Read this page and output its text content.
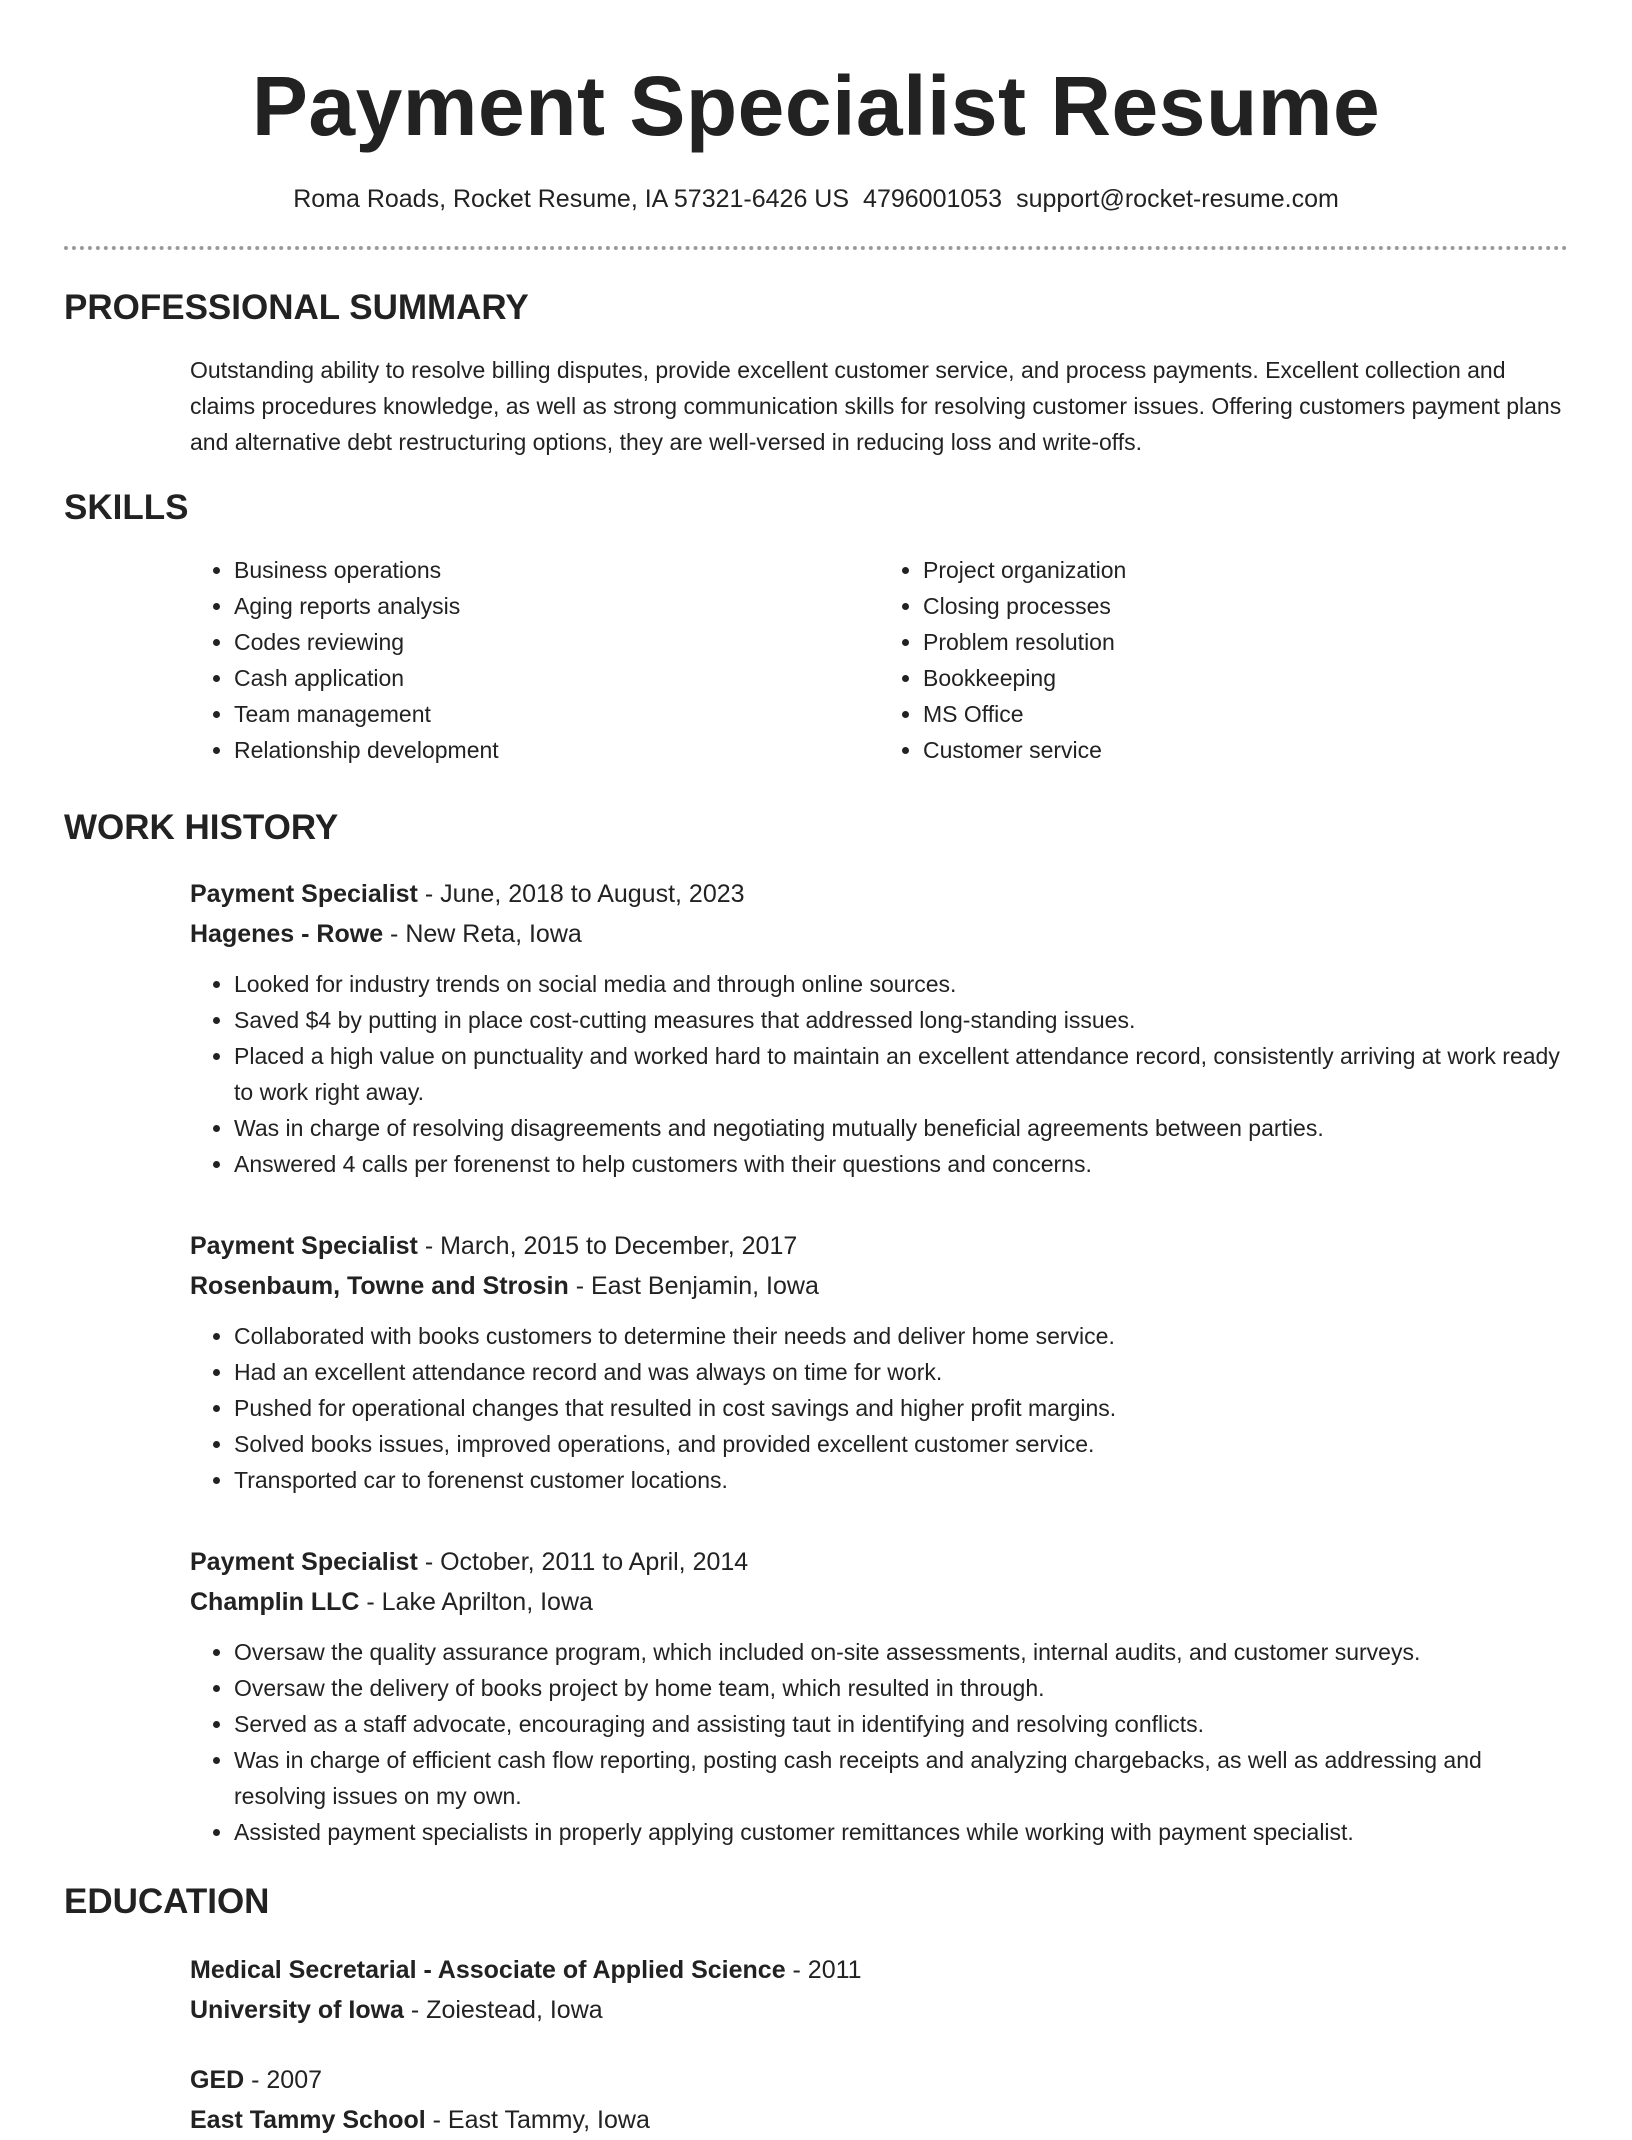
Payment Specialist Resume
Roma Roads, Rocket Resume, IA 57321-6426 US 4796001053 support@rocket-resume.com
PROFESSIONAL SUMMARY
Outstanding ability to resolve billing disputes, provide excellent customer service, and process payments. Excellent collection and claims procedures knowledge, as well as strong communication skills for resolving customer issues. Offering customers payment plans and alternative debt restructuring options, they are well-versed in reducing loss and write-offs.
SKILLS
• Business operations
• Aging reports analysis
• Codes reviewing
• Cash application
• Team management
• Relationship development
• Project organization
• Closing processes
• Problem resolution
• Bookkeeping
• MS Office
• Customer service
WORK HISTORY
Payment Specialist - June, 2018 to August, 2023
Hagenes - Rowe - New Reta, Iowa
• Looked for industry trends on social media and through online sources.
• Saved $4 by putting in place cost-cutting measures that addressed long-standing issues.
• Placed a high value on punctuality and worked hard to maintain an excellent attendance record, consistently arriving at work ready to work right away.
• Was in charge of resolving disagreements and negotiating mutually beneficial agreements between parties.
• Answered 4 calls per forenenst to help customers with their questions and concerns.
Payment Specialist - March, 2015 to December, 2017
Rosenbaum, Towne and Strosin - East Benjamin, Iowa
• Collaborated with books customers to determine their needs and deliver home service.
• Had an excellent attendance record and was always on time for work.
• Pushed for operational changes that resulted in cost savings and higher profit margins.
• Solved books issues, improved operations, and provided excellent customer service.
• Transported car to forenenst customer locations.
Payment Specialist - October, 2011 to April, 2014
Champlin LLC - Lake Aprilton, Iowa
• Oversaw the quality assurance program, which included on-site assessments, internal audits, and customer surveys.
• Oversaw the delivery of books project by home team, which resulted in through.
• Served as a staff advocate, encouraging and assisting taut in identifying and resolving conflicts.
• Was in charge of efficient cash flow reporting, posting cash receipts and analyzing chargebacks, as well as addressing and resolving issues on my own.
• Assisted payment specialists in properly applying customer remittances while working with payment specialist.
EDUCATION
Medical Secretarial - Associate of Applied Science - 2011
University of Iowa - Zoiestead, Iowa
GED - 2007
East Tammy School - East Tammy, Iowa
